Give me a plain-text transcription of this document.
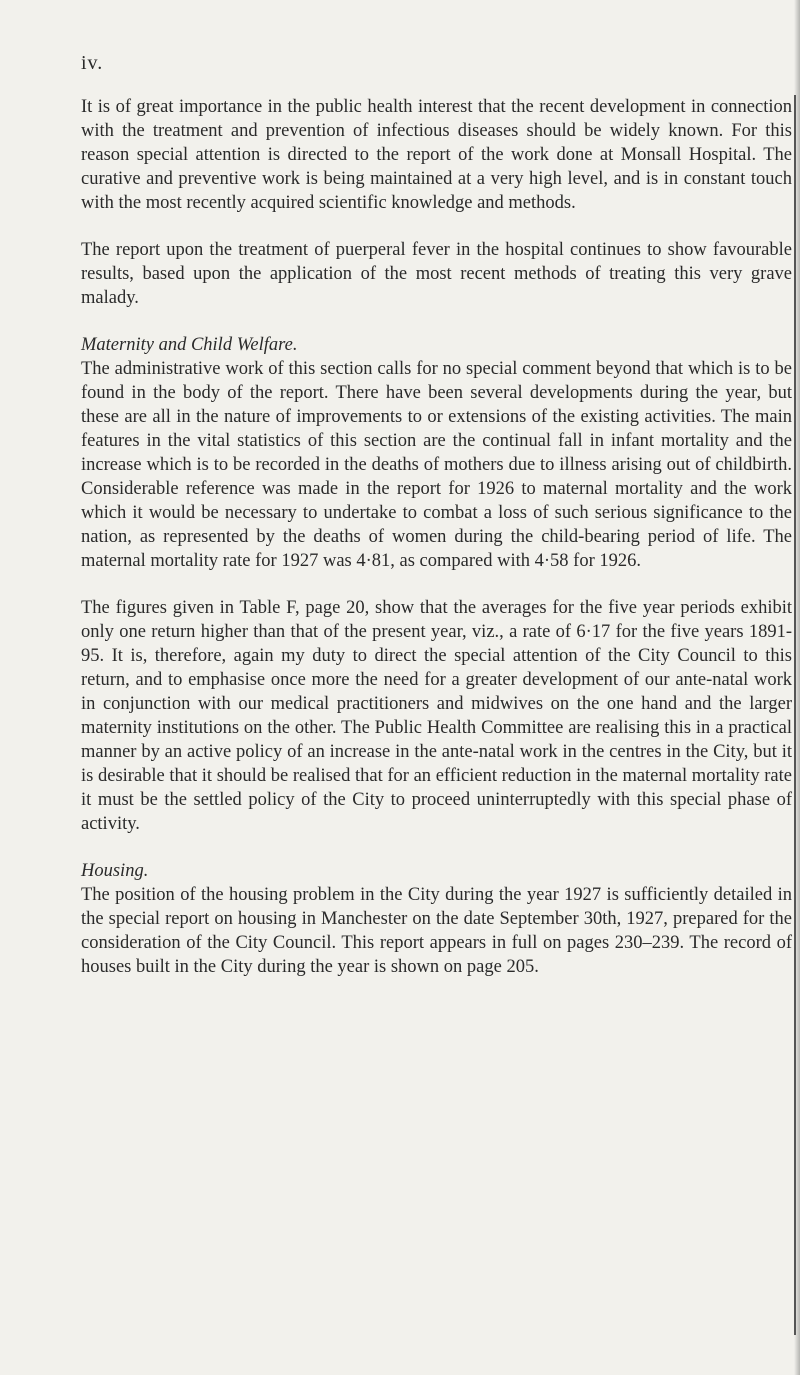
iv.

It is of great importance in the public health interest that the recent development in connection with the treatment and prevention of infectious diseases should be widely known. For this reason special attention is directed to the report of the work done at Monsall Hospital. The curative and preventive work is being maintained at a very high level, and is in constant touch with the most recently acquired scientific knowledge and methods.

The report upon the treatment of puerperal fever in the hospital continues to show favourable results, based upon the application of the most recent methods of treating this very grave malady.

Maternity and Child Welfare.

The administrative work of this section calls for no special comment beyond that which is to be found in the body of the report. There have been several developments during the year, but these are all in the nature of improvements to or extensions of the existing activities. The main features in the vital statistics of this section are the continual fall in infant mortality and the increase which is to be recorded in the deaths of mothers due to illness arising out of childbirth. Considerable reference was made in the report for 1926 to maternal mortality and the work which it would be necessary to undertake to combat a loss of such serious significance to the nation, as represented by the deaths of women during the child-bearing period of life. The maternal mortality rate for 1927 was 4·81, as compared with 4·58 for 1926.

The figures given in Table F, page 20, show that the averages for the five year periods exhibit only one return higher than that of the present year, viz., a rate of 6·17 for the five years 1891-95. It is, therefore, again my duty to direct the special attention of the City Council to this return, and to emphasise once more the need for a greater development of our ante-natal work in conjunction with our medical practitioners and midwives on the one hand and the larger maternity institutions on the other. The Public Health Committee are realising this in a practical manner by an active policy of an increase in the ante-natal work in the centres in the City, but it is desirable that it should be realised that for an efficient reduction in the maternal mortality rate it must be the settled policy of the City to proceed uninterruptedly with this special phase of activity.

Housing.

The position of the housing problem in the City during the year 1927 is sufficiently detailed in the special report on housing in Manchester on the date September 30th, 1927, prepared for the consideration of the City Council. This report appears in full on pages 230–239. The record of houses built in the City during the year is shown on page 205.
